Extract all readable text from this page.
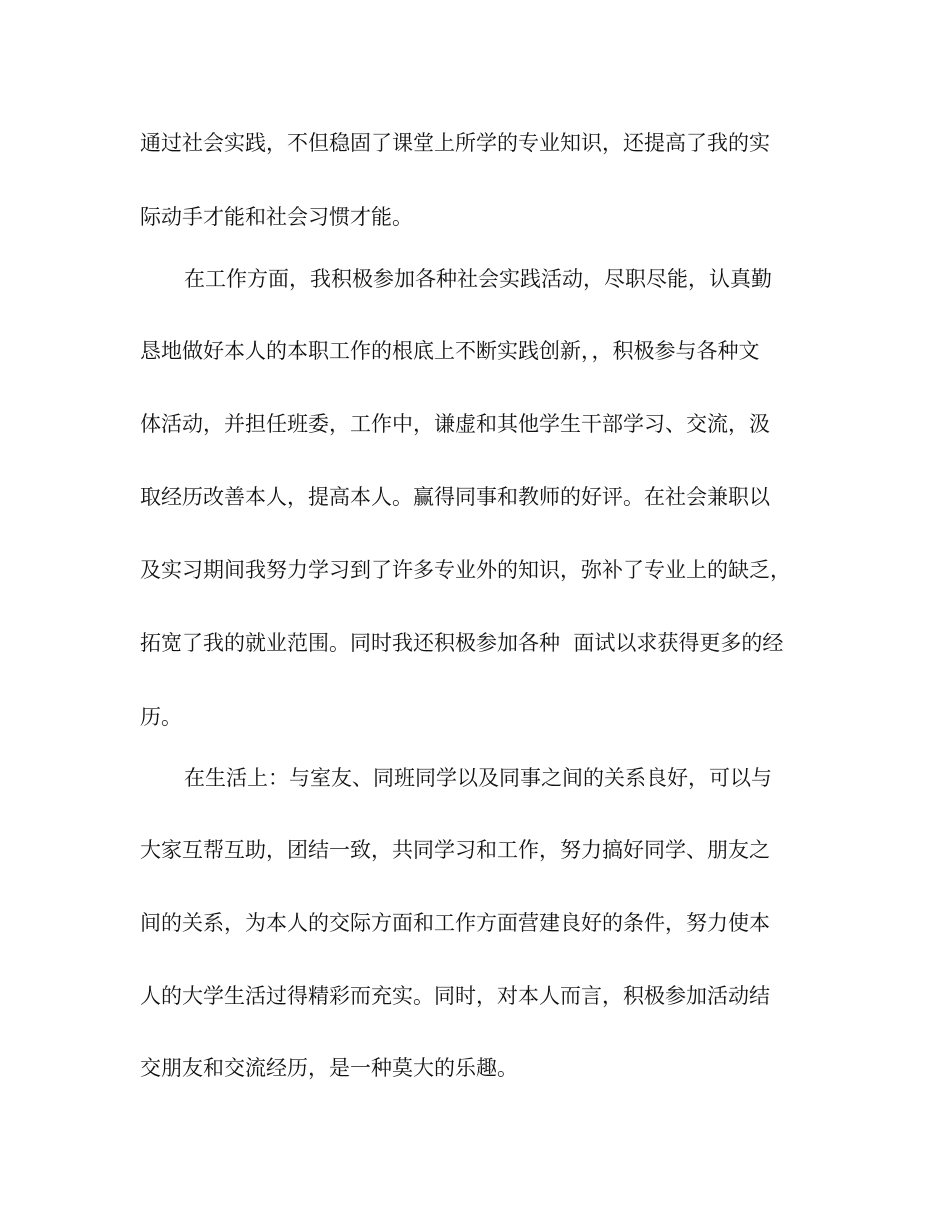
通过社会实践，不但稳固了课堂上所学的专业知识，还提高了我的实
际动手才能和社会习惯才能。
在工作方面，我积极参加各种社会实践活动，尽职尽能，认真勤
恳地做好本人的本职工作的根底上不断实践创新，，积极参与各种文
体活动，并担任班委，工作中，谦虚和其他学生干部学习、交流，汲
取经历改善本人，提高本人。赢得同事和教师的好评。在社会兼职以
及实习期间我努力学习到了许多专业外的知识，弥补了专业上的缺乏，
拓宽了我的就业范围。同时我还积极参加各种  面试以求获得更多的经
历。
在生活上：与室友、同班同学以及同事之间的关系良好，可以与
大家互帮互助，团结一致，共同学习和工作，努力搞好同学、朋友之
间的关系，为本人的交际方面和工作方面营建良好的条件，努力使本
人的大学生活过得精彩而充实。同时，对本人而言，积极参加活动结
交朋友和交流经历，是一种莫大的乐趣。
